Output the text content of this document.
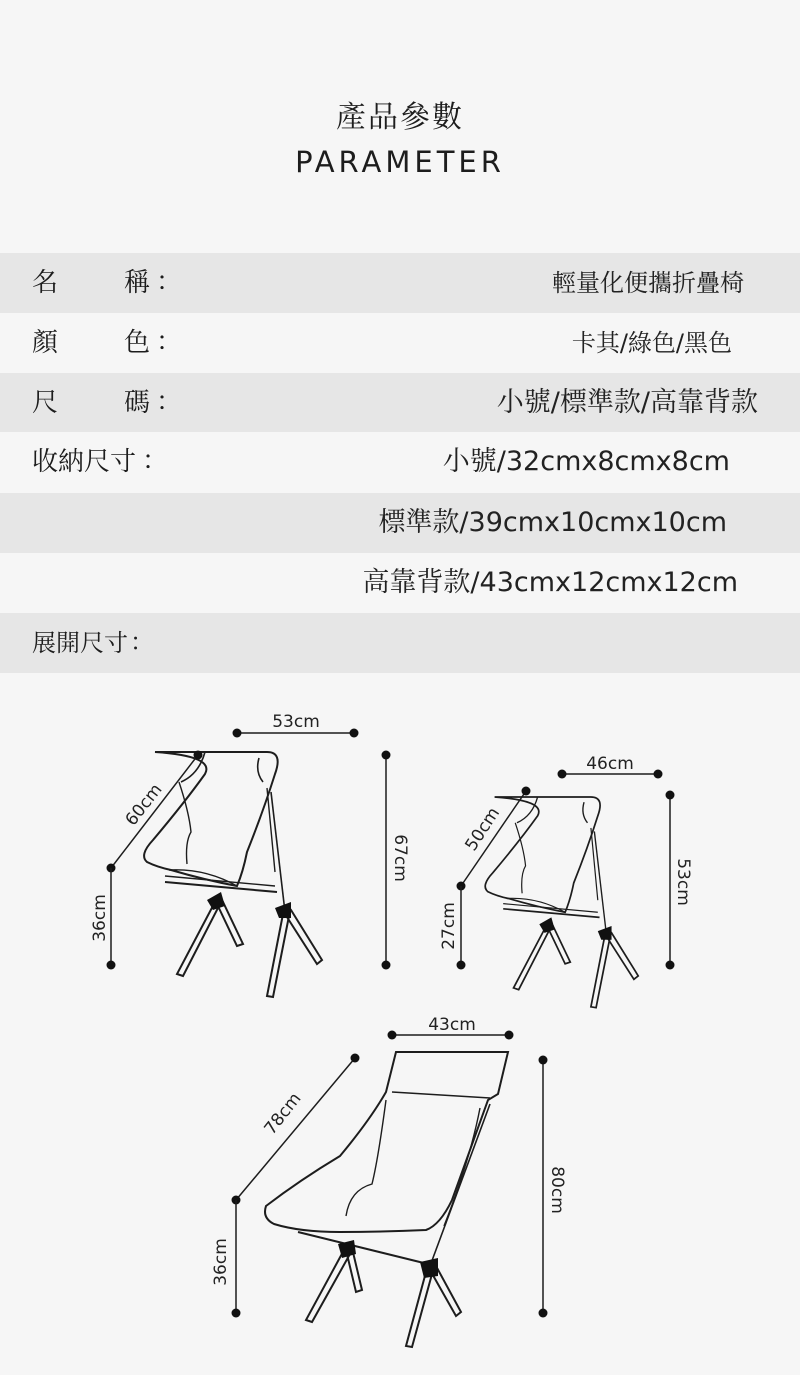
產品參數
PARAMETER
名	稱 ：	輕量化便攜折疊椅
顏	色 ：	卡其/綠色/黑色
尺	碼 ：	小號/標準款/高靠背款
收納尺寸 ：	小號/32cmx8cmx8cm
標準款/39cmx10cmx10cm
高靠背款/43cmx12cmx12cm
展開尺寸 ：
53cm
60cm
36cm
67cm
46cm
50cm
27cm
53cm
43cm
78cm
36cm
80cm
